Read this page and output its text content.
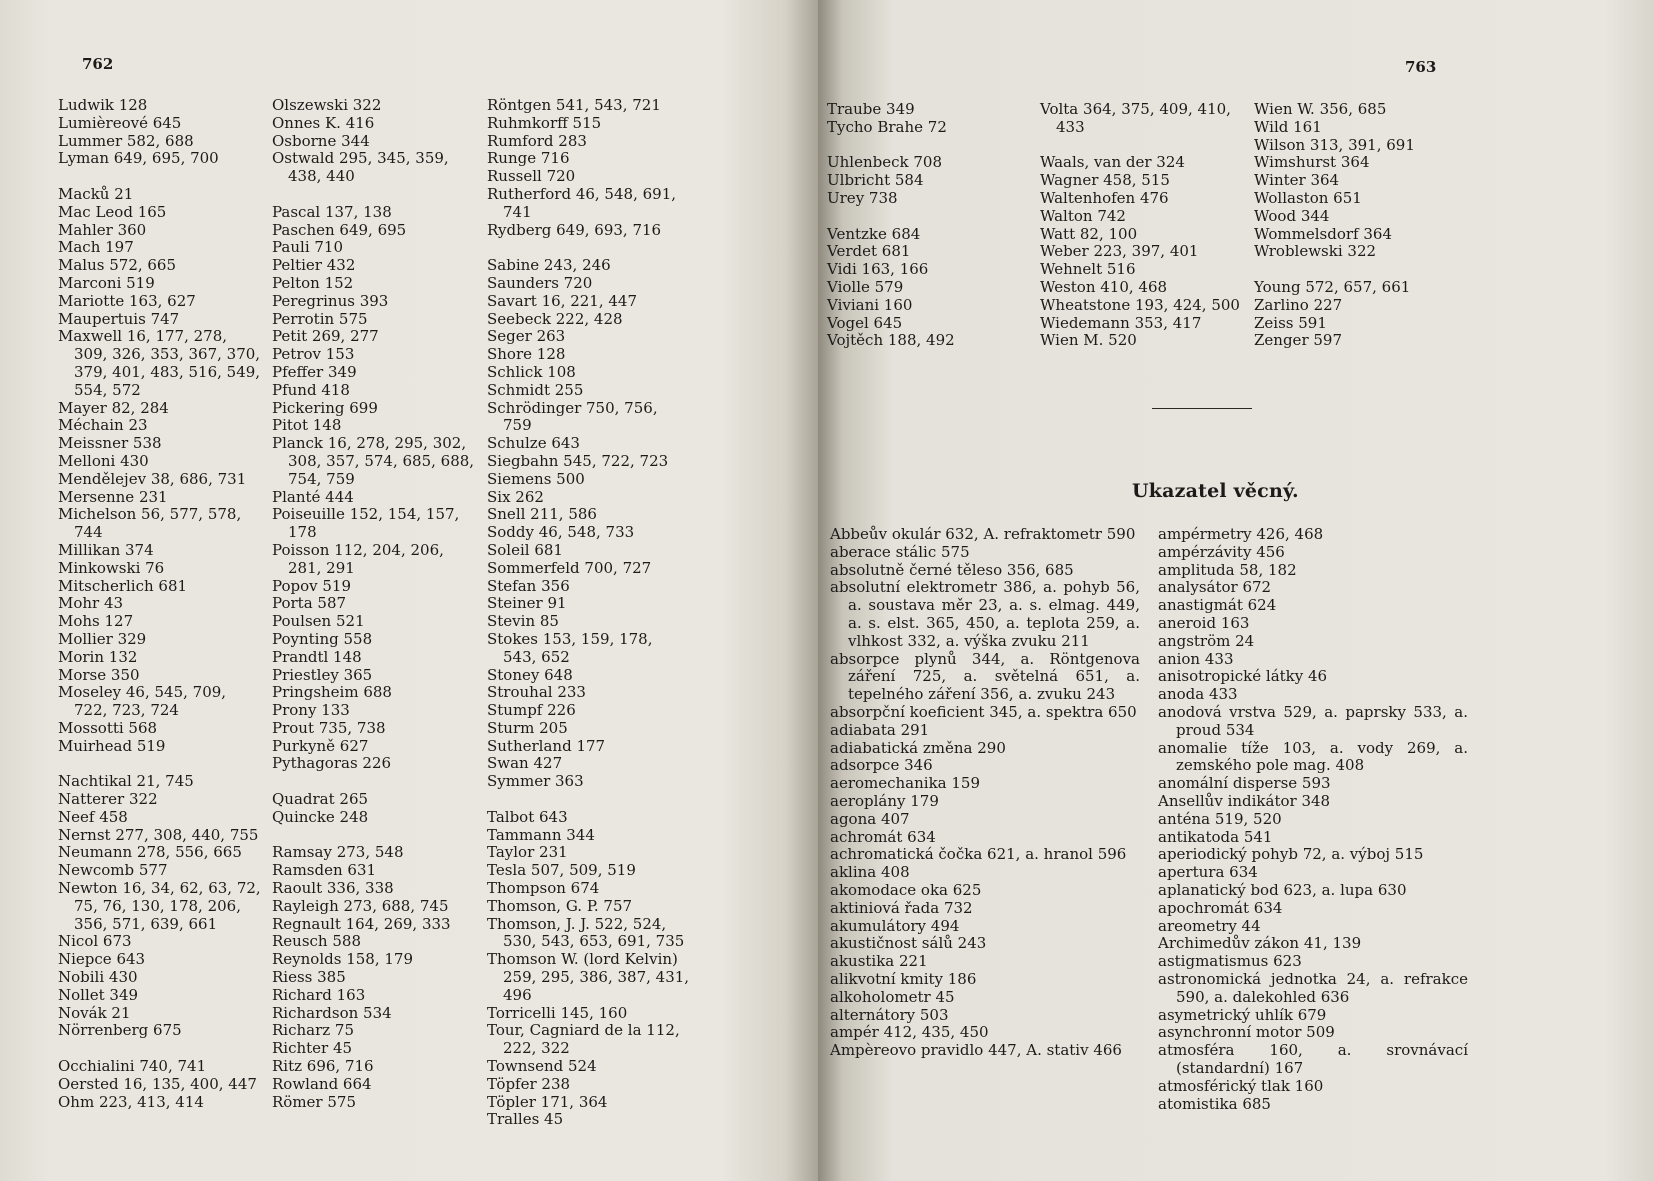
762
Ludwik 128
Lumièreové 645
Lummer 582, 688
Lyman 649, 695, 700
Macků 21
Mac Leod 165
Mahler 360
Mach 197
Malus 572, 665
Marconi 519
Mariotte 163, 627
Maupertuis 747
Maxwell 16, 177, 278, 309, 326, 353, 367, 370, 379, 401, 483, 516, 549, 554, 572
Mayer 82, 284
Méchain 23
Meissner 538
Melloni 430
Mendělejev 38, 686, 731
Mersenne 231
Michelson 56, 577, 578, 744
Millikan 374
Minkowski 76
Mitscherlich 681
Mohr 43
Mohs 127
Mollier 329
Morin 132
Morse 350
Moseley 46, 545, 709, 722, 723, 724
Mossotti 568
Muirhead 519
Nachtikal 21, 745
Natterer 322
Neef 458
Nernst 277, 308, 440, 755
Neumann 278, 556, 665
Newcomb 577
Newton 16, 34, 62, 63, 72, 75, 76, 130, 178, 206, 356, 571, 639, 661
Nicol 673
Niepce 643
Nobili 430
Nollet 349
Novák 21
Nörrenberg 675
Occhialini 740, 741
Oersted 16, 135, 400, 447
Ohm 223, 413, 414
Olszewski 322
Onnes K. 416
Osborne 344
Ostwald 295, 345, 359, 438, 440
Pascal 137, 138
Paschen 649, 695
Pauli 710
Peltier 432
Pelton 152
Peregrinus 393
Perrotin 575
Petit 269, 277
Petrov 153
Pfeffer 349
Pfund 418
Pickering 699
Pitot 148
Planck 16, 278, 295, 302, 308, 357, 574, 685, 688, 754, 759
Planté 444
Poiseuille 152, 154, 157, 178
Poisson 112, 204, 206, 281, 291
Popov 519
Porta 587
Poulsen 521
Poynting 558
Prandtl 148
Priestley 365
Pringsheim 688
Prony 133
Prout 735, 738
Purkyně 627
Pythagoras 226
Quadrat 265
Quincke 248
Ramsay 273, 548
Ramsden 631
Raoult 336, 338
Rayleigh 273, 688, 745
Regnault 164, 269, 333
Reusch 588
Reynolds 158, 179
Riess 385
Richard 163
Richardson 534
Richarz 75
Richter 45
Ritz 696, 716
Rowland 664
Römer 575
Röntgen 541, 543, 721
Ruhmkorff 515
Rumford 283
Runge 716
Russell 720
Rutherford 46, 548, 691, 741
Rydberg 649, 693, 716
Sabine 243, 246
Saunders 720
Savart 16, 221, 447
Seebeck 222, 428
Seger 263
Shore 128
Schlick 108
Schmidt 255
Schrödinger 750, 756, 759
Schulze 643
Siegbahn 545, 722, 723
Siemens 500
Six 262
Snell 211, 586
Soddy 46, 548, 733
Soleil 681
Sommerfeld 700, 727
Stefan 356
Steiner 91
Stevin 85
Stokes 153, 159, 178, 543, 652
Stoney 648
Strouhal 233
Stumpf 226
Sturm 205
Sutherland 177
Swan 427
Symmer 363
Talbot 643
Tammann 344
Taylor 231
Tesla 507, 509, 519
Thompson 674
Thomson, G. P. 757
Thomson, J. J. 522, 524, 530, 543, 653, 691, 735
Thomson W. (lord Kelvin) 259, 295, 386, 387, 431, 496
Torricelli 145, 160
Tour, Cagniard de la 112, 222, 322
Townsend 524
Töpfer 238
Töpler 171, 364
Tralles 45
763
Traube 349
Tycho Brahe 72
Uhlenbeck 708
Ulbricht 584
Urey 738
Ventzke 684
Verdet 681
Vidi 163, 166
Violle 579
Viviani 160
Vogel 645
Vojtěch 188, 492
Volta 364, 375, 409, 410, 433
Waals, van der 324
Wagner 458, 515
Waltenhofen 476
Walton 742
Watt 82, 100
Weber 223, 397, 401
Wehnelt 516
Weston 410, 468
Wheatstone 193, 424, 500
Wiedemann 353, 417
Wien M. 520
Wien W. 356, 685
Wild 161
Wilson 313, 391, 691
Wimshurst 364
Winter 364
Wollaston 651
Wood 344
Wommelsdorf 364
Wroblewski 322
Young 572, 657, 661
Zarlino 227
Zeiss 591
Zenger 597
Ukazatel věcný.
Abbeův okulár 632, A. refraktometr 590
aberace stálic 575
absolutně černé těleso 356, 685
absolutní elektrometr 386, a. pohyb 56, a. soustava měr 23, a. s. elmag. 449, a. s. elst. 365, 450, a. teplota 259, a. vlhkost 332, a. výška zvuku 211
absorpce plynů 344, a. Röntgenova záření 725, a. světelná 651, a. tepelného záření 356, a. zvuku 243
absorpční koeficient 345, a. spektra 650
adiabata 291
adiabatická změna 290
adsorpce 346
aeromechanika 159
aeroplány 179
agona 407
achromát 634
achromatická čočka 621, a. hranol 596
aklina 408
akomodace oka 625
aktiniová řada 732
akumulátory 494
akustičnost sálů 243
akustika 221
alikvotní kmity 186
alkoholometr 45
alternátory 503
ampér 412, 435, 450
Ampèreovo pravidlo 447, A. stativ 466
ampérmetry 426, 468
ampérzávity 456
amplituda 58, 182
analysátor 672
anastigmát 624
aneroid 163
angström 24
anion 433
anisotropické látky 46
anoda 433
anodová vrstva 529, a. paprsky 533, a. proud 534
anomalie tíže 103, a. vody 269, a. zemského pole mag. 408
anomální disperse 593
Ansellův indikátor 348
anténa 519, 520
antikatoda 541
aperiodický pohyb 72, a. výboj 515
apertura 634
aplanatický bod 623, a. lupa 630
apochromát 634
areometry 44
Archimedův zákon 41, 139
astigmatismus 623
astronomická jednotka 24, a. refrakce 590, a. dalekohled 636
asymetrický uhlík 679
asynchronní motor 509
atmosféra 160, a. srovnávací (standardní) 167
atmosférický tlak 160
atomistika 685
